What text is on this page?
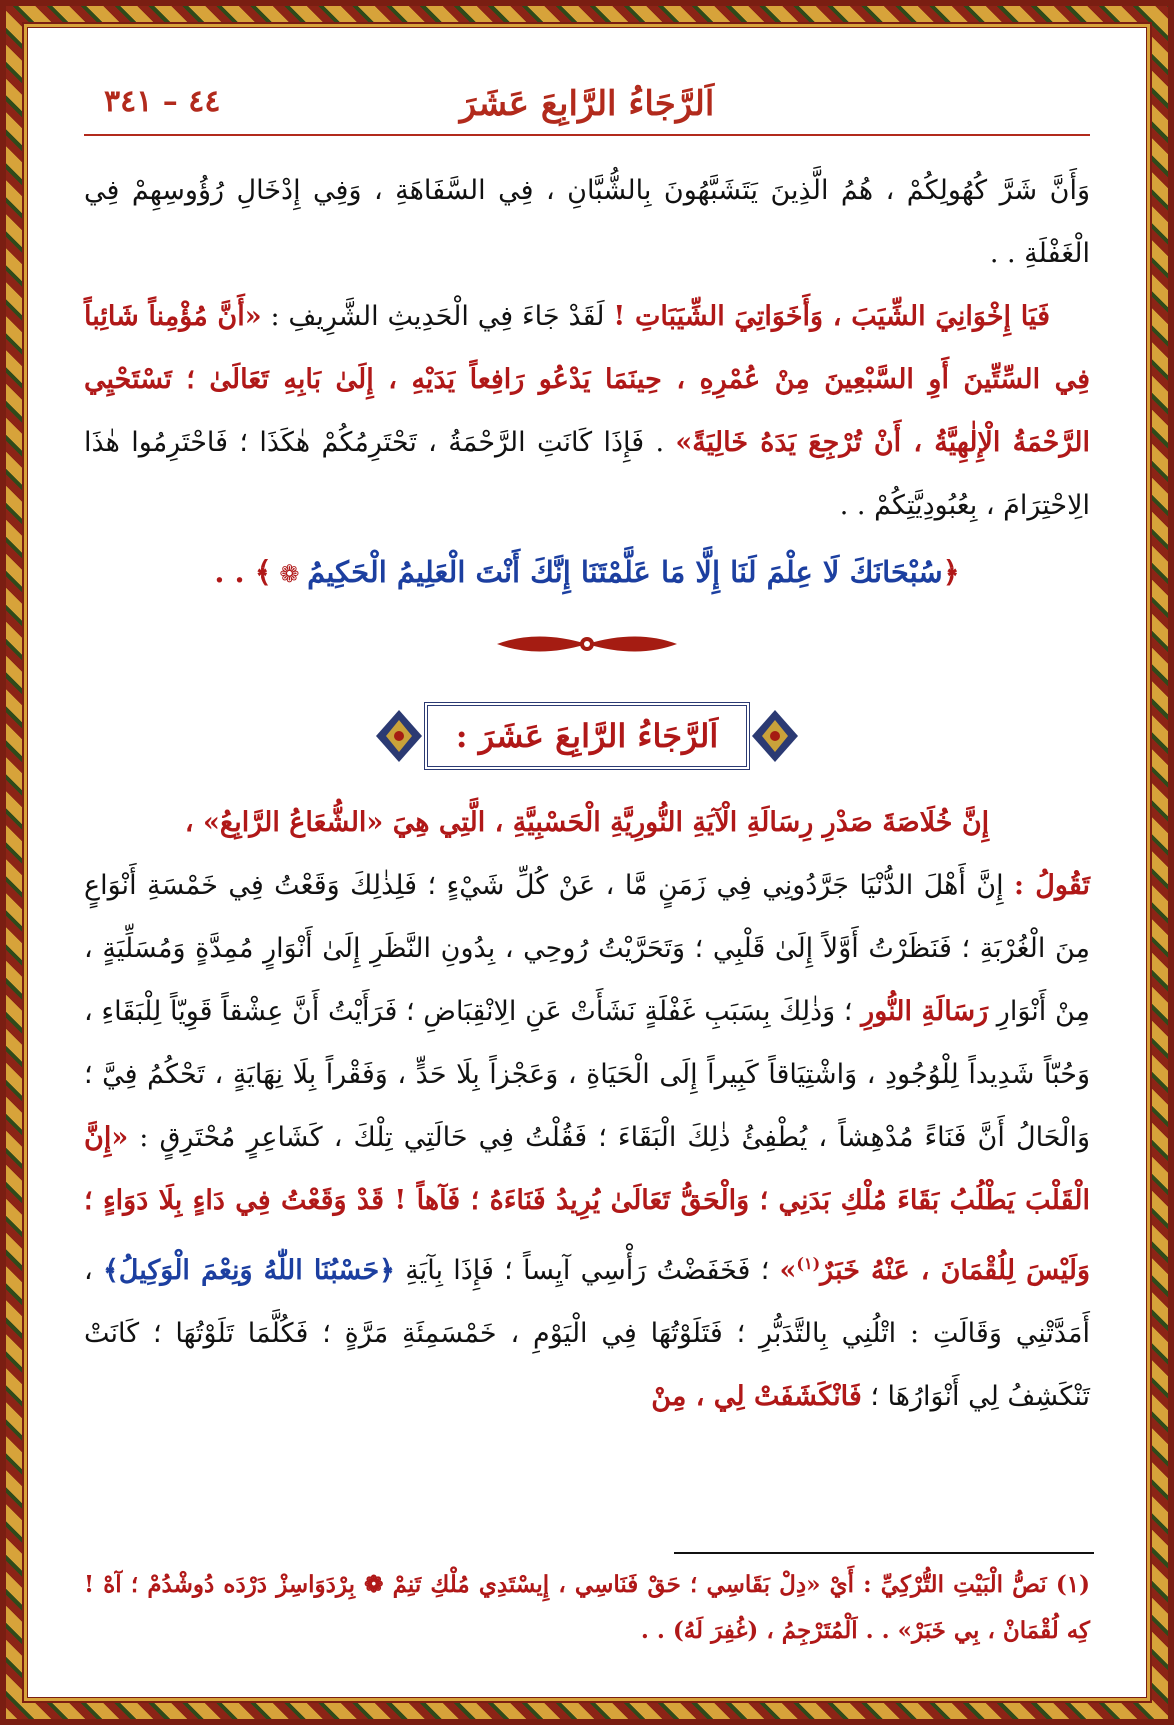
اَلرَّجَاءُ الرَّابِعَ عَشَرَ
٤٤ – ٣٤١

وَأَنَّ شَرَّ كُهُولِكُمْ ، هُمُ الَّذِينَ يَتَشَبَّهُونَ بِالشُّبَّانِ ، فِي السَّفَاهَةِ ، وَفِي إِدْخَالِ رُؤُوسِهِمْ فِي الْغَفْلَةِ . .

فَيَا إِخْوَانِيَ الشِّيَبَ ، وَأَخَوَاتِيَ الشِّيَبَاتِ ! لَقَدْ جَاءَ فِي الْحَدِيثِ الشَّرِيفِ : «أَنَّ مُؤْمِناً شَائِباً فِي السِّتِّينَ أَوِ السَّبْعِينَ مِنْ عُمْرِهِ ، حِينَمَا يَدْعُو رَافِعاً يَدَيْهِ ، إِلَىٰ بَابِهِ تَعَالَىٰ ؛ تَسْتَحْيِي الرَّحْمَةُ الْإِلٰهِيَّةُ ، أَنْ تُرْجِعَ يَدَهُ خَالِيَةً» . فَإِذَا كَانَتِ الرَّحْمَةُ ، تَحْتَرِمُكُمْ هٰكَذَا ؛ فَاحْتَرِمُوا هٰذَا الِاحْتِرَامَ ، بِعُبُودِيَّتِكُمْ . .

﴿سُبْحَانَكَ لَا عِلْمَ لَنَا إِلَّا مَا عَلَّمْتَنَا إِنَّكَ أَنْتَ الْعَلِيمُ الْحَكِيمُ ❁ ﴾ . .

اَلرَّجَاءُ الرَّابِعَ عَشَرَ :

إِنَّ خُلَاصَةَ صَدْرِ رِسَالَةِ الْآيَةِ النُّورِيَّةِ الْحَسْبِيَّةِ ، الَّتِي هِيَ «الشُّعَاعُ الرَّابِعُ» ،
تَقُولُ : إِنَّ أَهْلَ الدُّنْيَا جَرَّدُونِي فِي زَمَنٍ مَّا ، عَنْ كُلِّ شَيْءٍ ؛ فَلِذٰلِكَ وَقَعْتُ فِي خَمْسَةِ أَنْوَاعٍ مِنَ الْغُرْبَةِ ؛ فَنَظَرْتُ أَوَّلاً إِلَىٰ قَلْبِي ؛ وَتَحَرَّيْتُ رُوحِي ، بِدُونِ النَّظَرِ إِلَىٰ أَنْوَارٍ مُمِدَّةٍ وَمُسَلِّيَةٍ ، مِنْ أَنْوَارِ رَسَالَةِ النُّورِ ؛ وَذٰلِكَ بِسَبَبِ غَفْلَةٍ نَشَأَتْ عَنِ الِانْقِبَاضِ ؛ فَرَأَيْتُ أَنَّ عِشْقاً قَوِيّاً لِلْبَقَاءِ ، وَحُبّاً شَدِيداً لِلْوُجُودِ ، وَاشْتِيَاقاً كَبِيراً إِلَى الْحَيَاةِ ، وَعَجْزاً بِلَا حَدٍّ ، وَفَقْراً بِلَا نِهَايَةٍ ، تَحْكُمُ فِيَّ ؛ وَالْحَالُ أَنَّ فَنَاءً مُدْهِشاً ، يُطْفِئُ ذٰلِكَ الْبَقَاءَ ؛ فَقُلْتُ فِي حَالَتِي تِلْكَ ، كَشَاعِرٍ مُحْتَرِقٍ : «إِنَّ الْقَلْبَ يَطْلُبُ بَقَاءَ مُلْكِ بَدَنِي ؛ وَالْحَقُّ تَعَالَىٰ يُرِيدُ فَنَاءَهُ ؛ فَآهاً ! قَدْ وَقَعْتُ فِي دَاءٍ بِلَا دَوَاءٍ ؛ وَلَيْسَ لِلُقْمَانَ ، عَنْهُ خَبَرٌ$^{(١)}$» ؛ فَخَفَضْتُ رَأْسِي آيِساً ؛ فَإِذَا بِآيَةِ ﴿حَسْبُنَا اللّٰهُ وَنِعْمَ الْوَكِيلُ﴾ ، أَمَدَّتْنِي وَقَالَتِ : اتْلُنِي بِالتَّدَبُّرِ ؛ فَتَلَوْتُهَا فِي الْيَوْمِ ، خَمْسَمِئَةِ مَرَّةٍ ؛ فَكُلَّمَا تَلَوْتُهَا ؛ كَانَتْ تَنْكَشِفُ لِي أَنْوَارُهَا ؛ فَانْكَشَفَتْ لِي ، مِنْ

(١) نَصُّ الْبَيْتِ التُّرْكِيِّ : أَيْ «دِلْ بَقَاسِي ؛ حَقْ فَنَاسِي ، إِيسْتَدِي مُلْكِ تَنِمْ ❁ بِرْدَوَاسِزْ دَرْدَه دُوشْدُمْ ؛ آهْ ! كِه لُقْمَانْ ، بِي خَبَرْ» . . اَلْمُتَرْجِمُ ، (غُفِرَ لَهُ) . .
